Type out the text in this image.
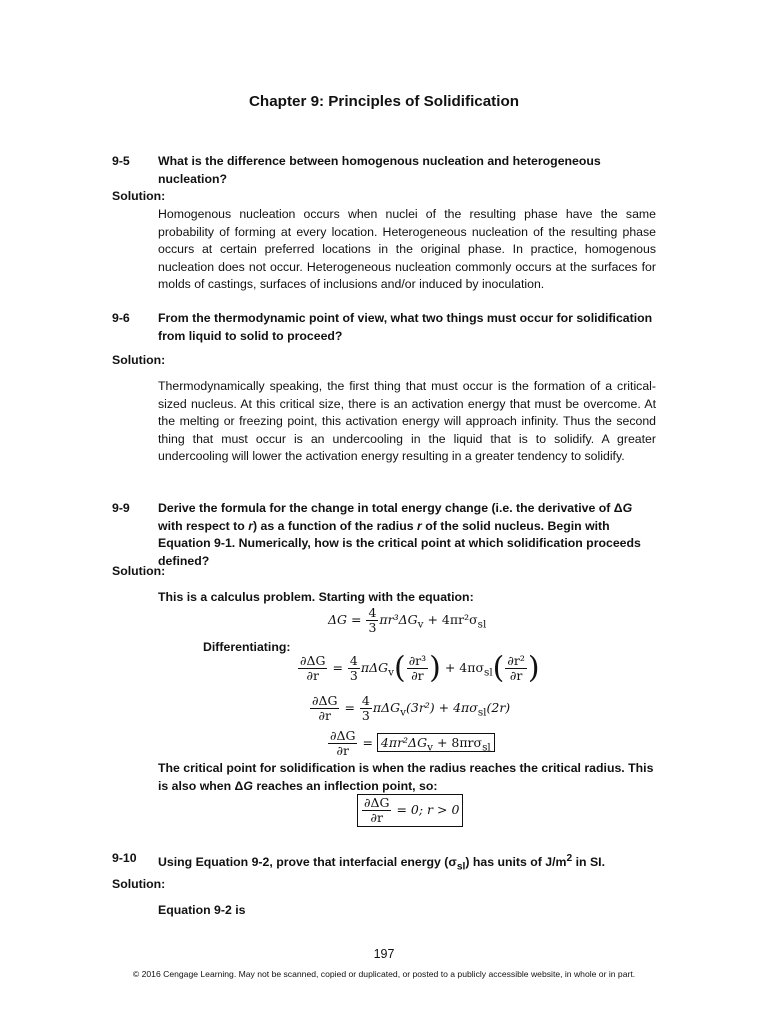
Chapter 9: Principles of Solidification
9-5 What is the difference between homogenous nucleation and heterogeneous nucleation?
Solution:
Homogenous nucleation occurs when nuclei of the resulting phase have the same probability of forming at every location. Heterogeneous nucleation of the resulting phase occurs at certain preferred locations in the original phase. In practice, homogenous nucleation does not occur. Heterogeneous nucleation commonly occurs at the surfaces for molds of castings, surfaces of inclusions and/or induced by inoculation.
9-6 From the thermodynamic point of view, what two things must occur for solidification from liquid to solid to proceed?
Solution:
Thermodynamically speaking, the first thing that must occur is the formation of a critical-sized nucleus. At this critical size, there is an activation energy that must be overcome. At the melting or freezing point, this activation energy will approach infinity. Thus the second thing that must occur is an undercooling in the liquid that is to solidify. A greater undercooling will lower the activation energy resulting in a greater tendency to solidify.
9-9 Derive the formula for the change in total energy change (i.e. the derivative of ΔG with respect to r) as a function of the radius r of the solid nucleus. Begin with Equation 9-1. Numerically, how is the critical point at which solidification proceeds defined?
Solution:
This is a calculus problem. Starting with the equation:
$\Delta G = \frac{4}{3} \pi r^3\Delta G_v + 4\pi r^2\sigma_{sl}$
Differentiating:
$\frac{\partial\Delta G}{\partial r} = \frac{4}{3} \pi\Delta G_v( \frac{\text{∂r³}}{\partial r}$ ) + $4\pi\sigma_{sl}( \frac{\text{∂r²}}{\partial r}$ )
$\frac{\partial\Delta G}{\partial r} = \frac{4}{3} \pi\Delta G_v(3r^2) + 4\pi\sigma_{sl}(2r)$
$\frac{\partial\Delta G}{\partial r} = 4\pi r^2\Delta G_v + 8\pi r\sigma_{sl}$
The critical point for solidification is when the radius reaches the critical radius. This is also when ΔG reaches an inflection point, so:
$\frac{\partial\Delta G}{\partial r} = 0$; r > 0
9-10 Using Equation 9-2, prove that interfacial energy $(\sigma_{sl})$ has units of $J/m^2$ in SI.
Solution:
Equation 9-2 is
197
© 2016 Cengage Learning. May not be scanned, copied or duplicated, or posted to a publicly accessible website, in whole or in part.
